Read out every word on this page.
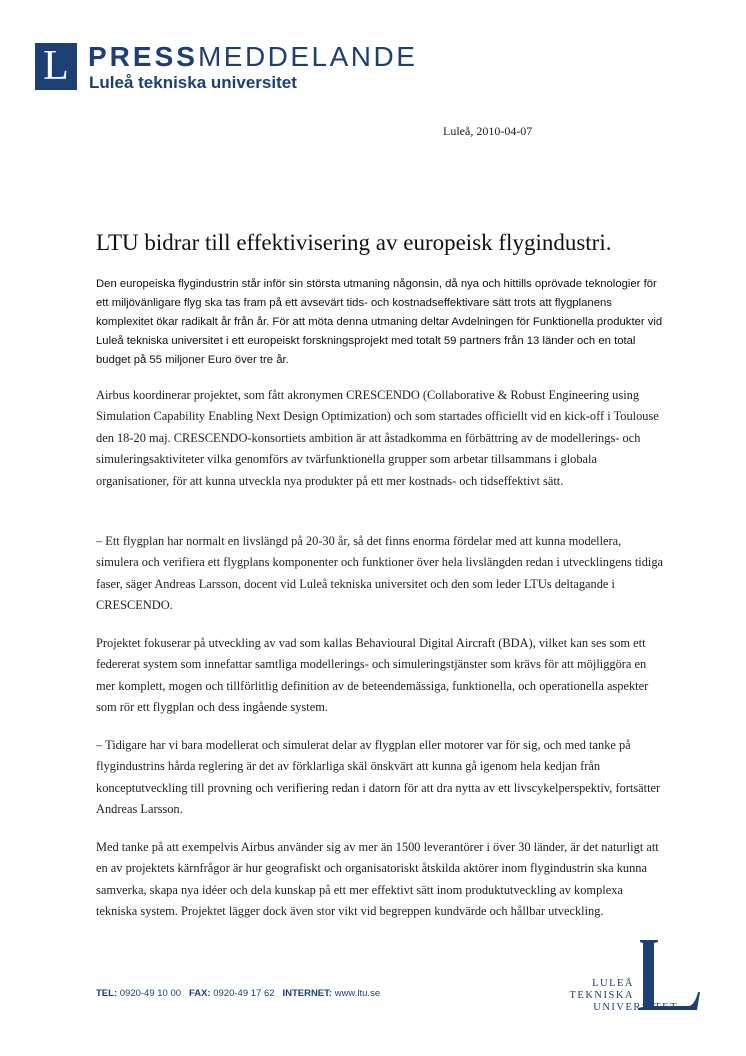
L PRESSMEDDELANDE
Luleå tekniska universitet
Luleå, 2010-04-07
LTU bidrar till effektivisering av europeisk flygindustri.
Den europeiska flygindustrin står inför sin största utmaning någonsin, då nya och hittills oprövade teknologier för ett miljövänligare flyg ska tas fram på ett avsevärt tids- och kostnadseffektivare sätt trots att flygplanens komplexitet ökar radikalt år från år. För att möta denna utmaning deltar Avdelningen för Funktionella produkter vid Luleå tekniska universitet i ett europeiskt forskningsprojekt med totalt 59 partners från 13 länder och en total budget på 55 miljoner Euro över tre år.
Airbus koordinerar projektet, som fått akronymen CRESCENDO (Collaborative & Robust Engineering using Simulation Capability Enabling Next Design Optimization) och som startades officiellt vid en kick-off i Toulouse den 18-20 maj. CRESCENDO-konsortiets ambition är att åstadkomma en förbättring av de modellerings- och simuleringsaktiviteter vilka genomförs av tvärfunktionella grupper som arbetar tillsammans i globala organisationer, för att kunna utveckla nya produkter på ett mer kostnads- och tidseffektivt sätt.
– Ett flygplan har normalt en livslängd på 20-30 år, så det finns enorma fördelar med att kunna modellera, simulera och verifiera ett flygplans komponenter och funktioner över hela livslängden redan i utvecklingens tidiga faser, säger Andreas Larsson, docent vid Luleå tekniska universitet och den som leder LTUs deltagande i CRESCENDO.
Projektet fokuserar på utveckling av vad som kallas Behavioural Digital Aircraft (BDA), vilket kan ses som ett federerat system som innefattar samtliga modellerings- och simuleringstjänster som krävs för att möjliggöra en mer komplett, mogen och tillförlitlig definition av de beteendemässiga, funktionella, och operationella aspekter som rör ett flygplan och dess ingående system.
– Tidigare har vi bara modellerat och simulerat delar av flygplan eller motorer var för sig, och med tanke på flygindustrins hårda reglering är det av förklarliga skäl önskvärt att kunna gå igenom hela kedjan från konceptutveckling till provning och verifiering redan i datorn för att dra nytta av ett livscykelperspektiv, fortsätter Andreas Larsson.
Med tanke på att exempelvis Airbus använder sig av mer än 1500 leverantörer i över 30 länder, är det naturligt att en av projektets kärnfrågor är hur geografiskt och organisatoriskt åtskilda aktörer inom flygindustrin ska kunna samverka, skapa nya idéer och dela kunskap på ett mer effektivt sätt inom produktutveckling av komplexa tekniska system. Projektet lägger dock även stor vikt vid begreppen kundvärde och hållbar utveckling.
TEL: 0920-49 10 00 FAX: 0920-49 17 62 INTERNET: www.ltu.se
LULEÅ
TEKNISKA
UNIVERSITET
